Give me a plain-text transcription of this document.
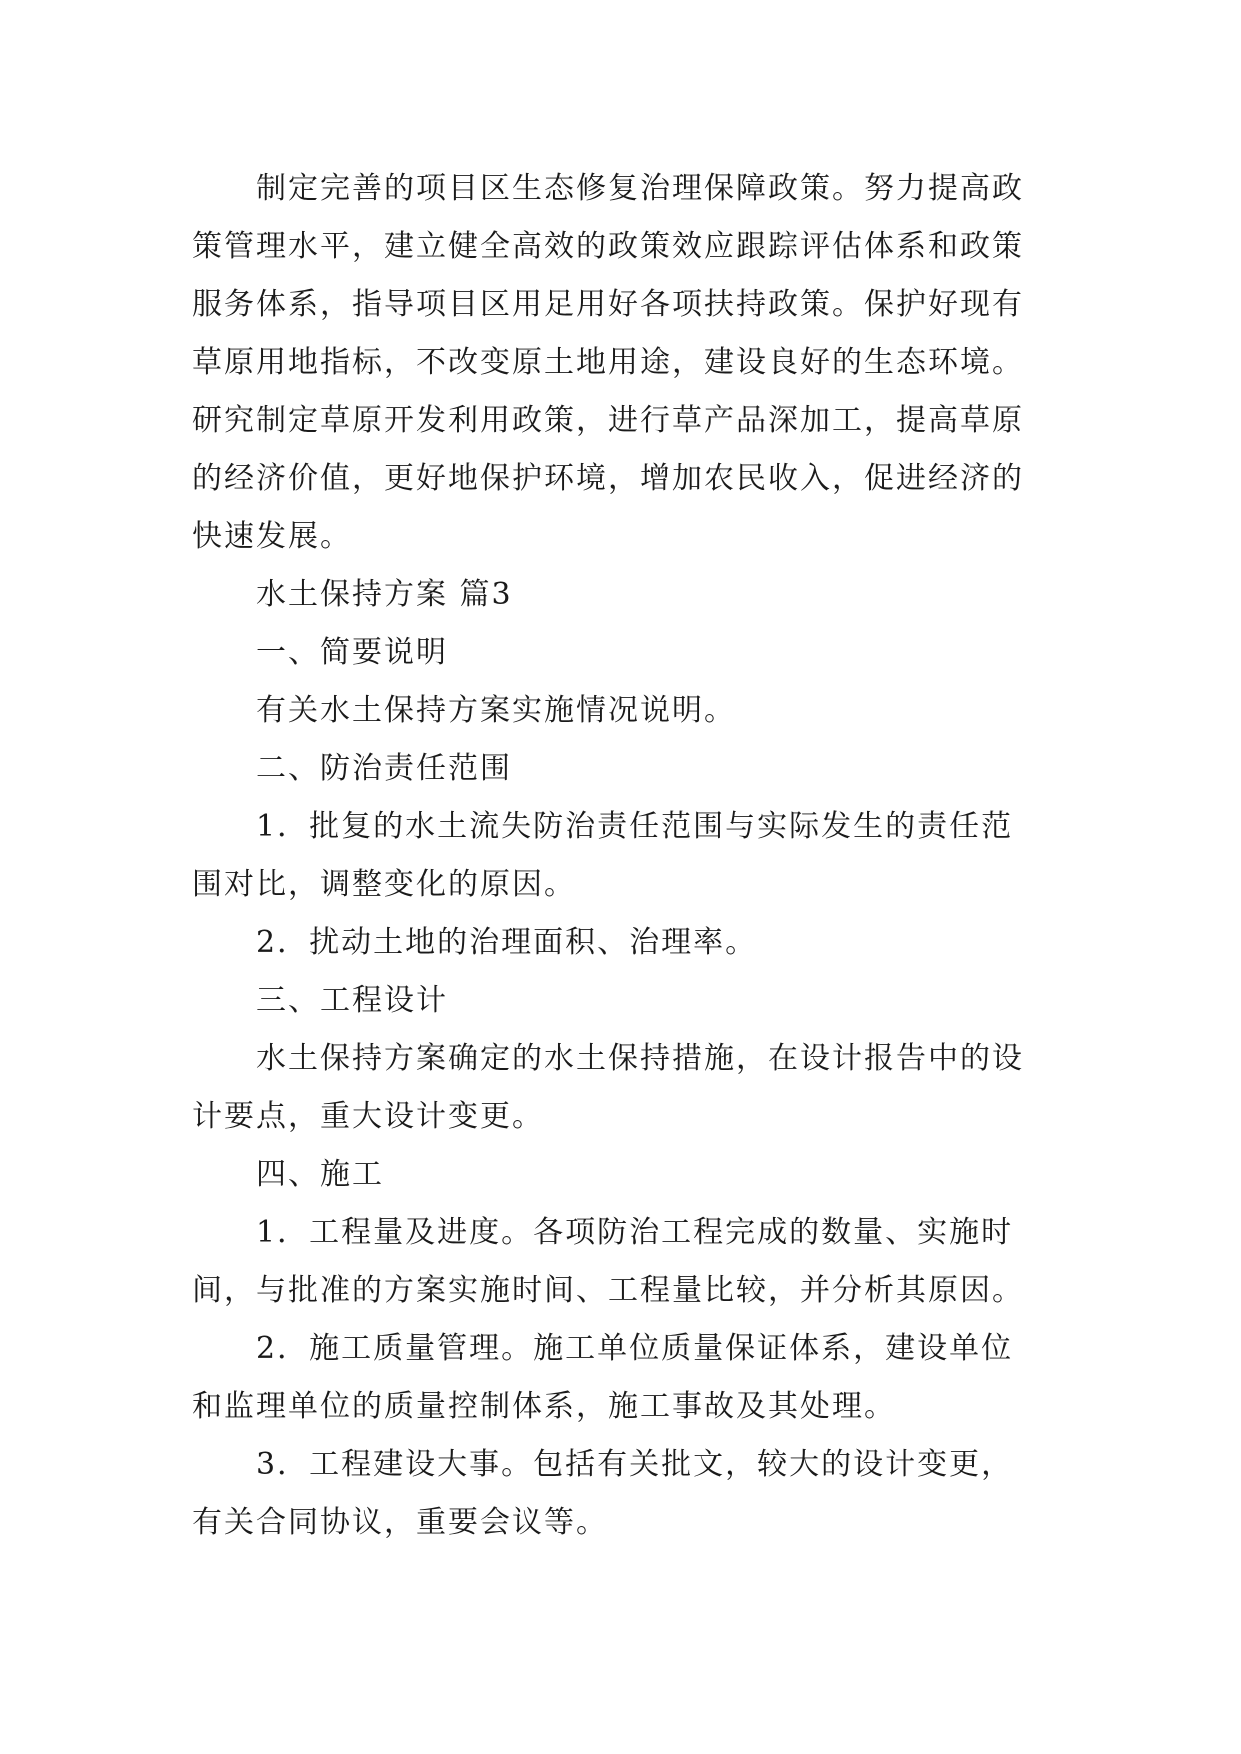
制定完善的项目区生态修复治理保障政策。努力提高政
策管理水平，建立健全高效的政策效应跟踪评估体系和政策
服务体系，指导项目区用足用好各项扶持政策。保护好现有
草原用地指标，不改变原土地用途，建设良好的生态环境。
研究制定草原开发利用政策，进行草产品深加工，提高草原
的经济价值，更好地保护环境，增加农民收入，促进经济的
快速发展。
水土保持方案 篇3
一、简要说明
有关水土保持方案实施情况说明。
二、防治责任范围
1．批复的水土流失防治责任范围与实际发生的责任范
围对比，调整变化的原因。
2．扰动土地的治理面积、治理率。
三、工程设计
水土保持方案确定的水土保持措施，在设计报告中的设
计要点，重大设计变更。
四、施工
1．工程量及进度。各项防治工程完成的数量、实施时
间，与批准的方案实施时间、工程量比较，并分析其原因。
2．施工质量管理。施工单位质量保证体系，建设单位
和监理单位的质量控制体系，施工事故及其处理。
3．工程建设大事。包括有关批文，较大的设计变更，
有关合同协议，重要会议等。
